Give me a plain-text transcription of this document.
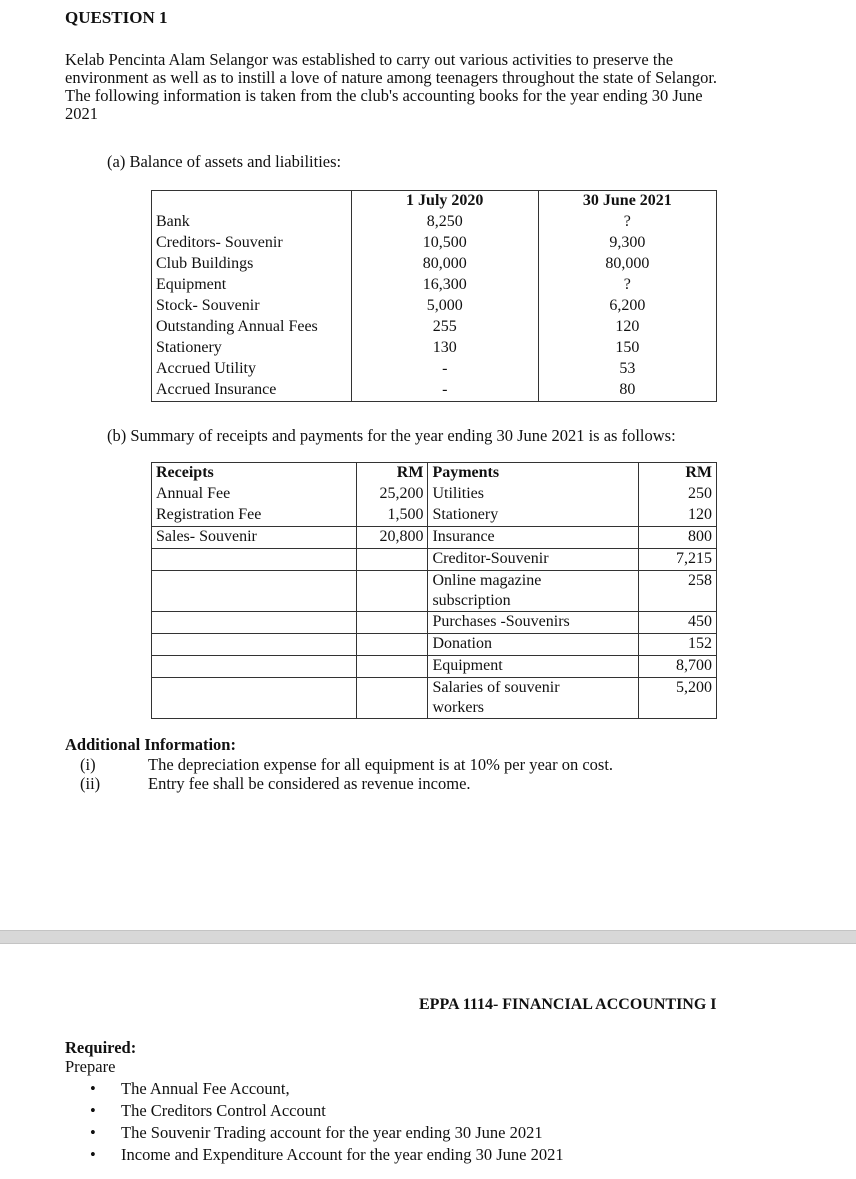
QUESTION 1

Kelab Pencinta Alam Selangor was established to carry out various activities to preserve the

environment as well as to instill a love of nature among teenagers throughout the state of Selangor.

The following information is taken from the club's accounting books for the year ending 30 June

2021

(a) Balance of assets and liabilities:
	1 July 2020	30 June 2021
Bank	8,250	?
Creditors- Souvenir	10,500	9,300
Club Buildings	80,000	80,000
Equipment	16,300	?
Stock- Souvenir	5,000	6,200
Outstanding Annual Fees	255	120
Stationery	130	150
Accrued Utility	-	53
Accrued Insurance	-	80
(b) Summary of receipts and payments for the year ending 30 June 2021 is as follows:
Receipts	RM	Payments	RM
Annual Fee	25,200	Utilities	250
Registration Fee	1,500	Stationery	120
Sales- Souvenir	20,800	Insurance	800
		Creditor-Souvenir	7,215

		Online magazine
subscription	258
		Purchases -Souvenirs	450
		Donation	152
		Equipment	8,700

		Salaries of souvenir
workers	5,200
Additional Information:
(i)	The depreciation expense for all equipment is at 10% per year on cost.
(ii)	Entry fee shall be considered as revenue income.
EPPA 1114- FINANCIAL ACCOUNTING I
Required:
Prepare
• The Annual Fee Account,
• The Creditors Control Account
• The Souvenir Trading account for the year ending 30 June 2021
• Income and Expenditure Account for the year ending 30 June 2021
